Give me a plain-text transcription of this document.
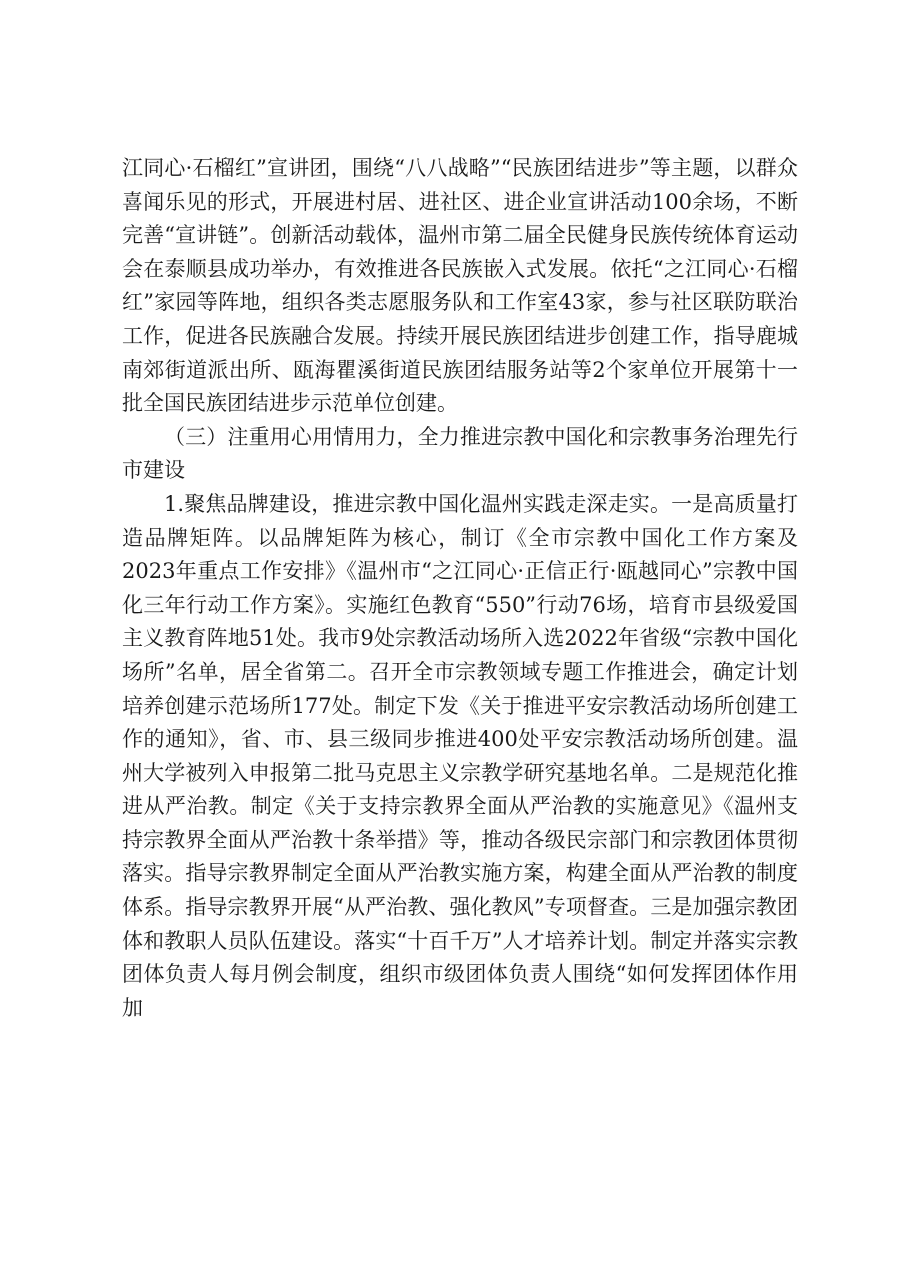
江同心·石榴红”宣讲团，围绕“八八战略”“民族团结进步”等主题，以群众喜闻乐见的形式，开展进村居、进社区、进企业宣讲活动100余场，不断完善“宣讲链”。创新活动载体，温州市第二届全民健身民族传统体育运动会在泰顺县成功举办，有效推进各民族嵌入式发展。依托“之江同心·石榴红”家园等阵地，组织各类志愿服务队和工作室43家，参与社区联防联治工作，促进各民族融合发展。持续开展民族团结进步创建工作，指导鹿城南郊街道派出所、瓯海瞿溪街道民族团结服务站等2个家单位开展第十一批全国民族团结进步示范单位创建。

（三）注重用心用情用力，全力推进宗教中国化和宗教事务治理先行市建设

1.聚焦品牌建设，推进宗教中国化温州实践走深走实。一是高质量打造品牌矩阵。以品牌矩阵为核心，制订《全市宗教中国化工作方案及2023年重点工作安排》《温州市“之江同心·正信正行·瓯越同心”宗教中国化三年行动工作方案》。实施红色教育“550”行动76场，培育市县级爱国主义教育阵地51处。我市9处宗教活动场所入选2022年省级“宗教中国化场所”名单，居全省第二。召开全市宗教领域专题工作推进会，确定计划培养创建示范场所177处。制定下发《关于推进平安宗教活动场所创建工作的通知》，省、市、县三级同步推进400处平安宗教活动场所创建。温州大学被列入申报第二批马克思主义宗教学研究基地名单。二是规范化推进从严治教。制定《关于支持宗教界全面从严治教的实施意见》《温州支持宗教界全面从严治教十条举措》等，推动各级民宗部门和宗教团体贯彻落实。指导宗教界制定全面从严治教实施方案，构建全面从严治教的制度体系。指导宗教界开展“从严治教、强化教风”专项督查。三是加强宗教团体和教职人员队伍建设。落实“十百千万”人才培养计划。制定并落实宗教团体负责人每月例会制度，组织市级团体负责人围绕“如何发挥团体作用加
